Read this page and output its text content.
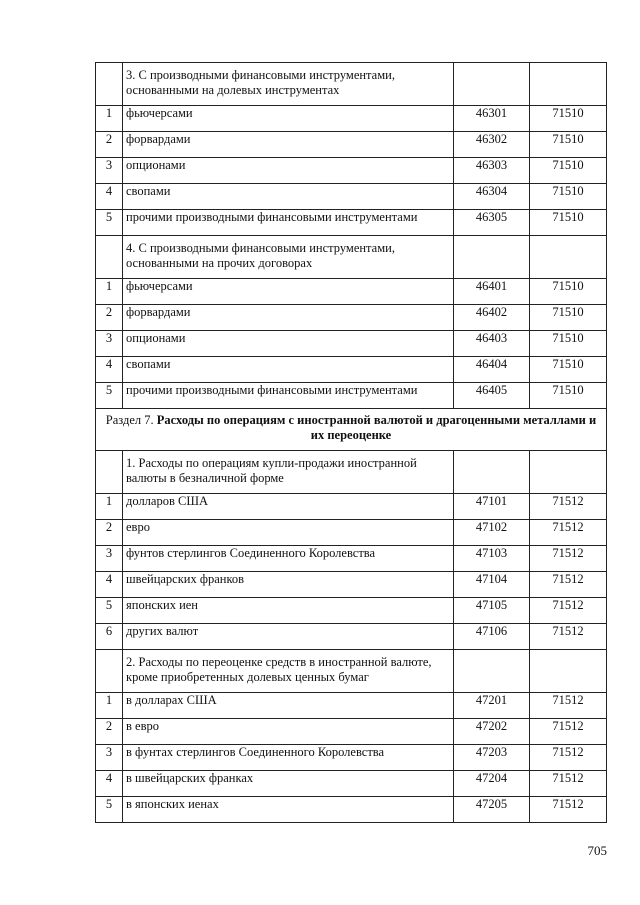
	3. С производными финансовыми инструментами, основанными на долевых инструментах		
1	фьючерсами	46301	71510
2	форвардами	46302	71510
3	опционами	46303	71510
4	свопами	46304	71510
5	прочими производными финансовыми инструментами	46305	71510
	4. С производными финансовыми инструментами, основанными на прочих договорах		
1	фьючерсами	46401	71510
2	форвардами	46402	71510
3	опционами	46403	71510
4	свопами	46404	71510
5	прочими производными финансовыми инструментами	46405	71510
Раздел 7. Расходы по операциям с иностранной валютой и драгоценными металлами и их переоценке			
	1. Расходы по операциям купли-продажи иностранной валюты в безналичной форме		
1	долларов США	47101	71512
2	евро	47102	71512
3	фунтов стерлингов Соединенного Королевства	47103	71512
4	швейцарских франков	47104	71512
5	японских иен	47105	71512
6	других валют	47106	71512
	2. Расходы по переоценке средств в иностранной валюте, кроме приобретенных долевых ценных бумаг		
1	в долларах США	47201	71512
2	в евро	47202	71512
3	в фунтах стерлингов Соединенного Королевства	47203	71512
4	в швейцарских франках	47204	71512
5	в японских иенах	47205	71512
705
